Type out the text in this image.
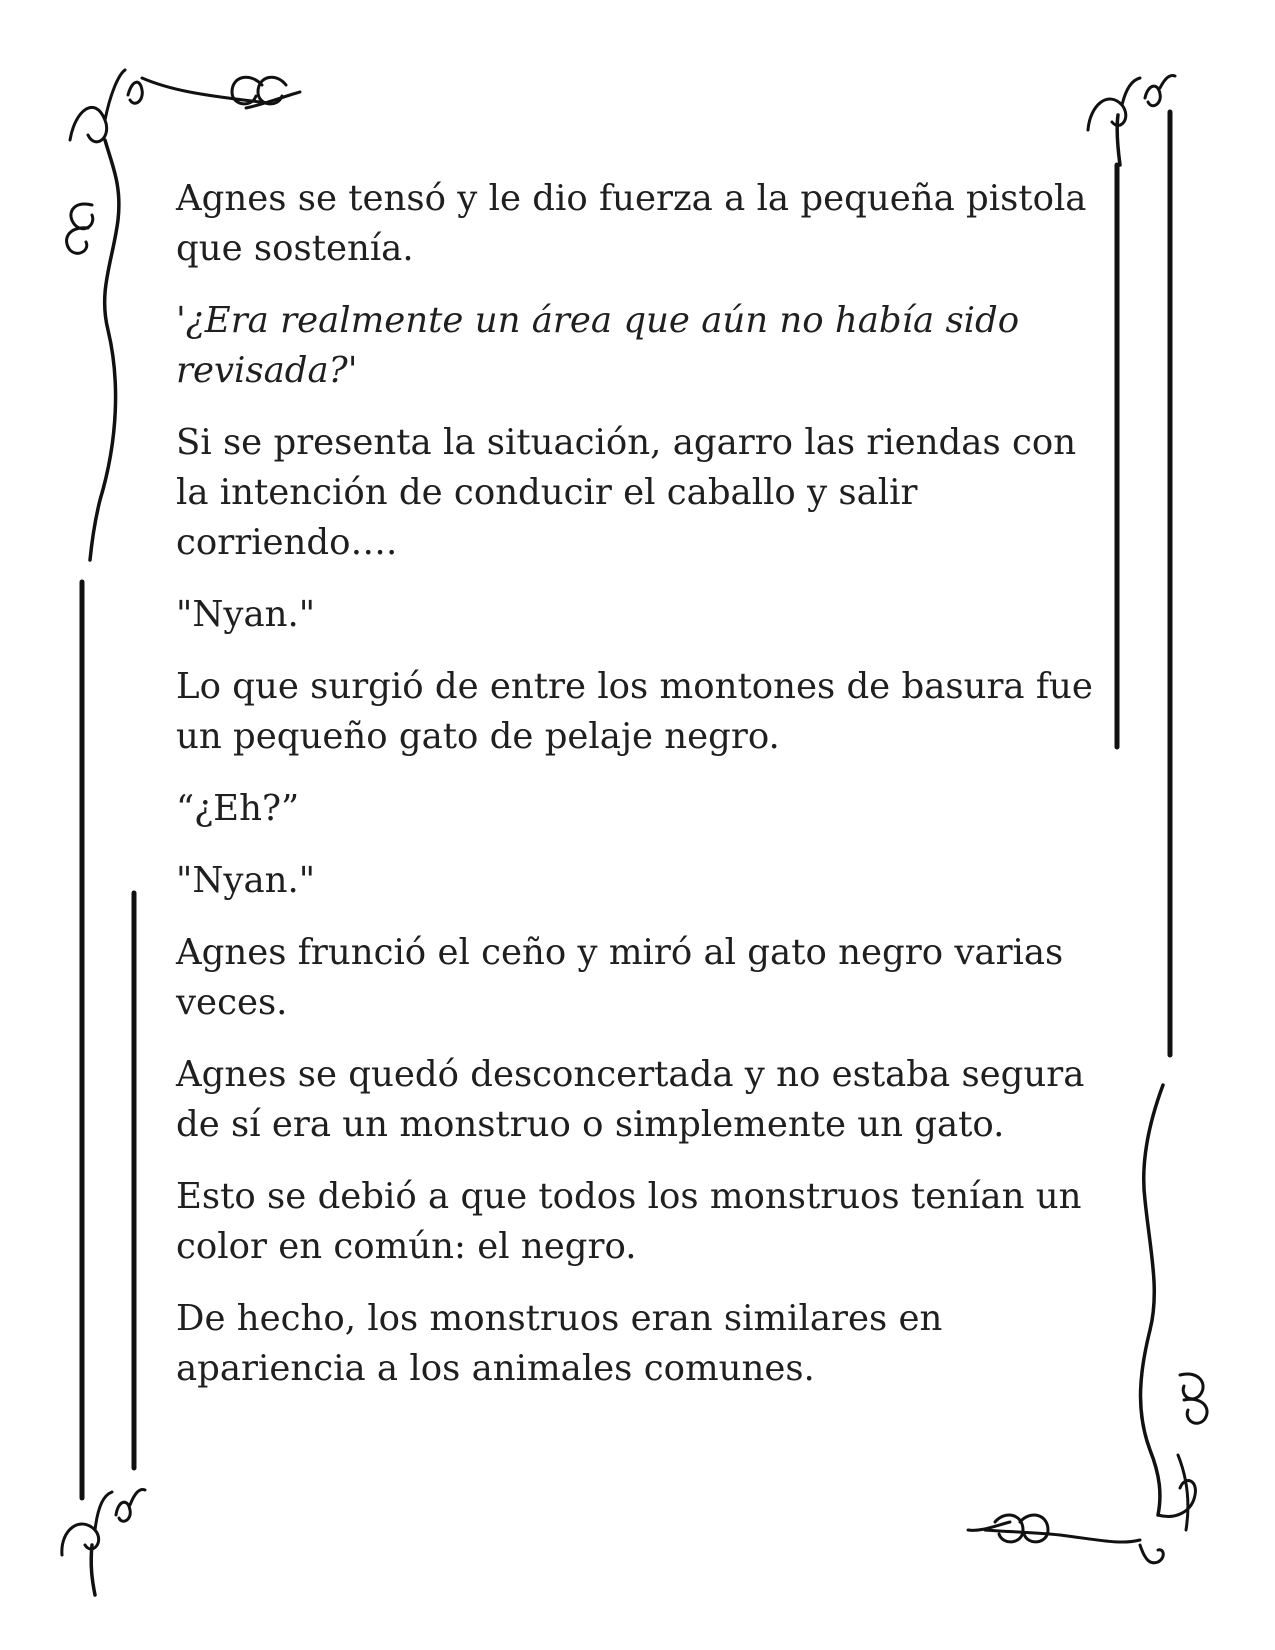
Agnes se tensó y le dio fuerza a la pequeña pistola que sostenía.

'¿Era realmente un área que aún no había sido revisada?'

Si se presenta la situación, agarro las riendas con la intención de conducir el caballo y salir corriendo….

"Nyan."

Lo que surgió de entre los montones de basura fue un pequeño gato de pelaje negro.

“¿Eh?”

"Nyan."

Agnes frunció el ceño y miró al gato negro varias veces.

Agnes se quedó desconcertada y no estaba segura de sí era un monstruo o simplemente un gato.

Esto se debió a que todos los monstruos tenían un color en común: el negro.

De hecho, los monstruos eran similares en apariencia a los animales comunes.
